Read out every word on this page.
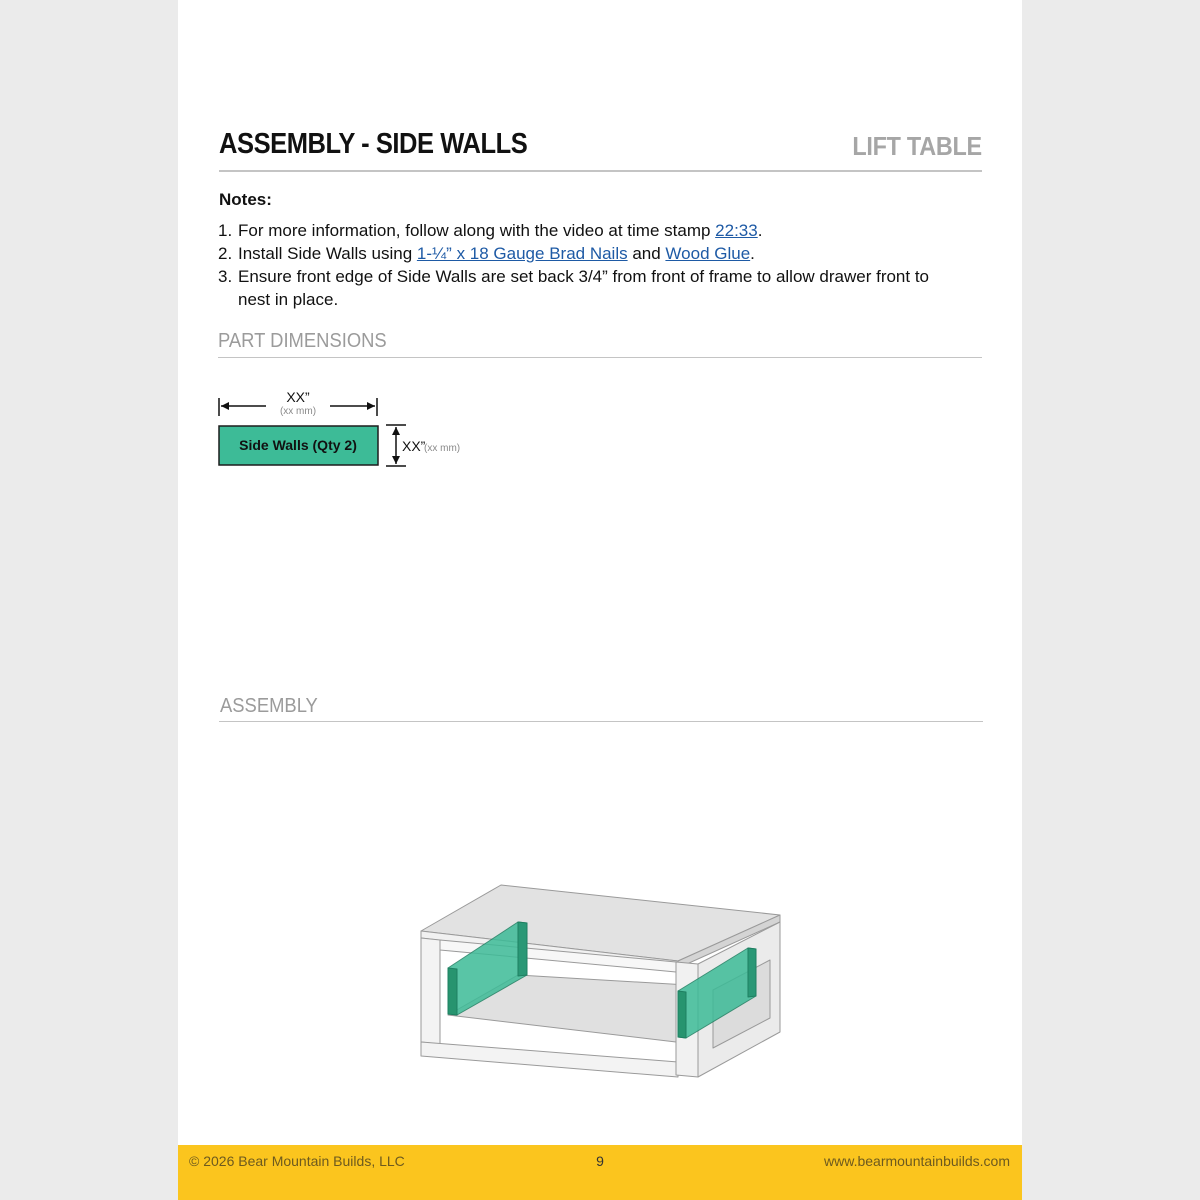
ASSEMBLY - SIDE WALLS	LIFT TABLE
Notes:
1. For more information, follow along with the video at time stamp 22:33.
2. Install Side Walls using 1-¼” x 18 Gauge Brad Nails and Wood Glue.
3. Ensure front edge of Side Walls are set back 3/4” from front of frame to allow drawer front to
nest in place.
PART DIMENSIONS
XX”
(xx mm)
Side Walls (Qty 2)	XX”
(xx mm)
ASSEMBLY
© 2026 Bear Mountain Builds, LLC	9	www.bearmountainbuilds.com
